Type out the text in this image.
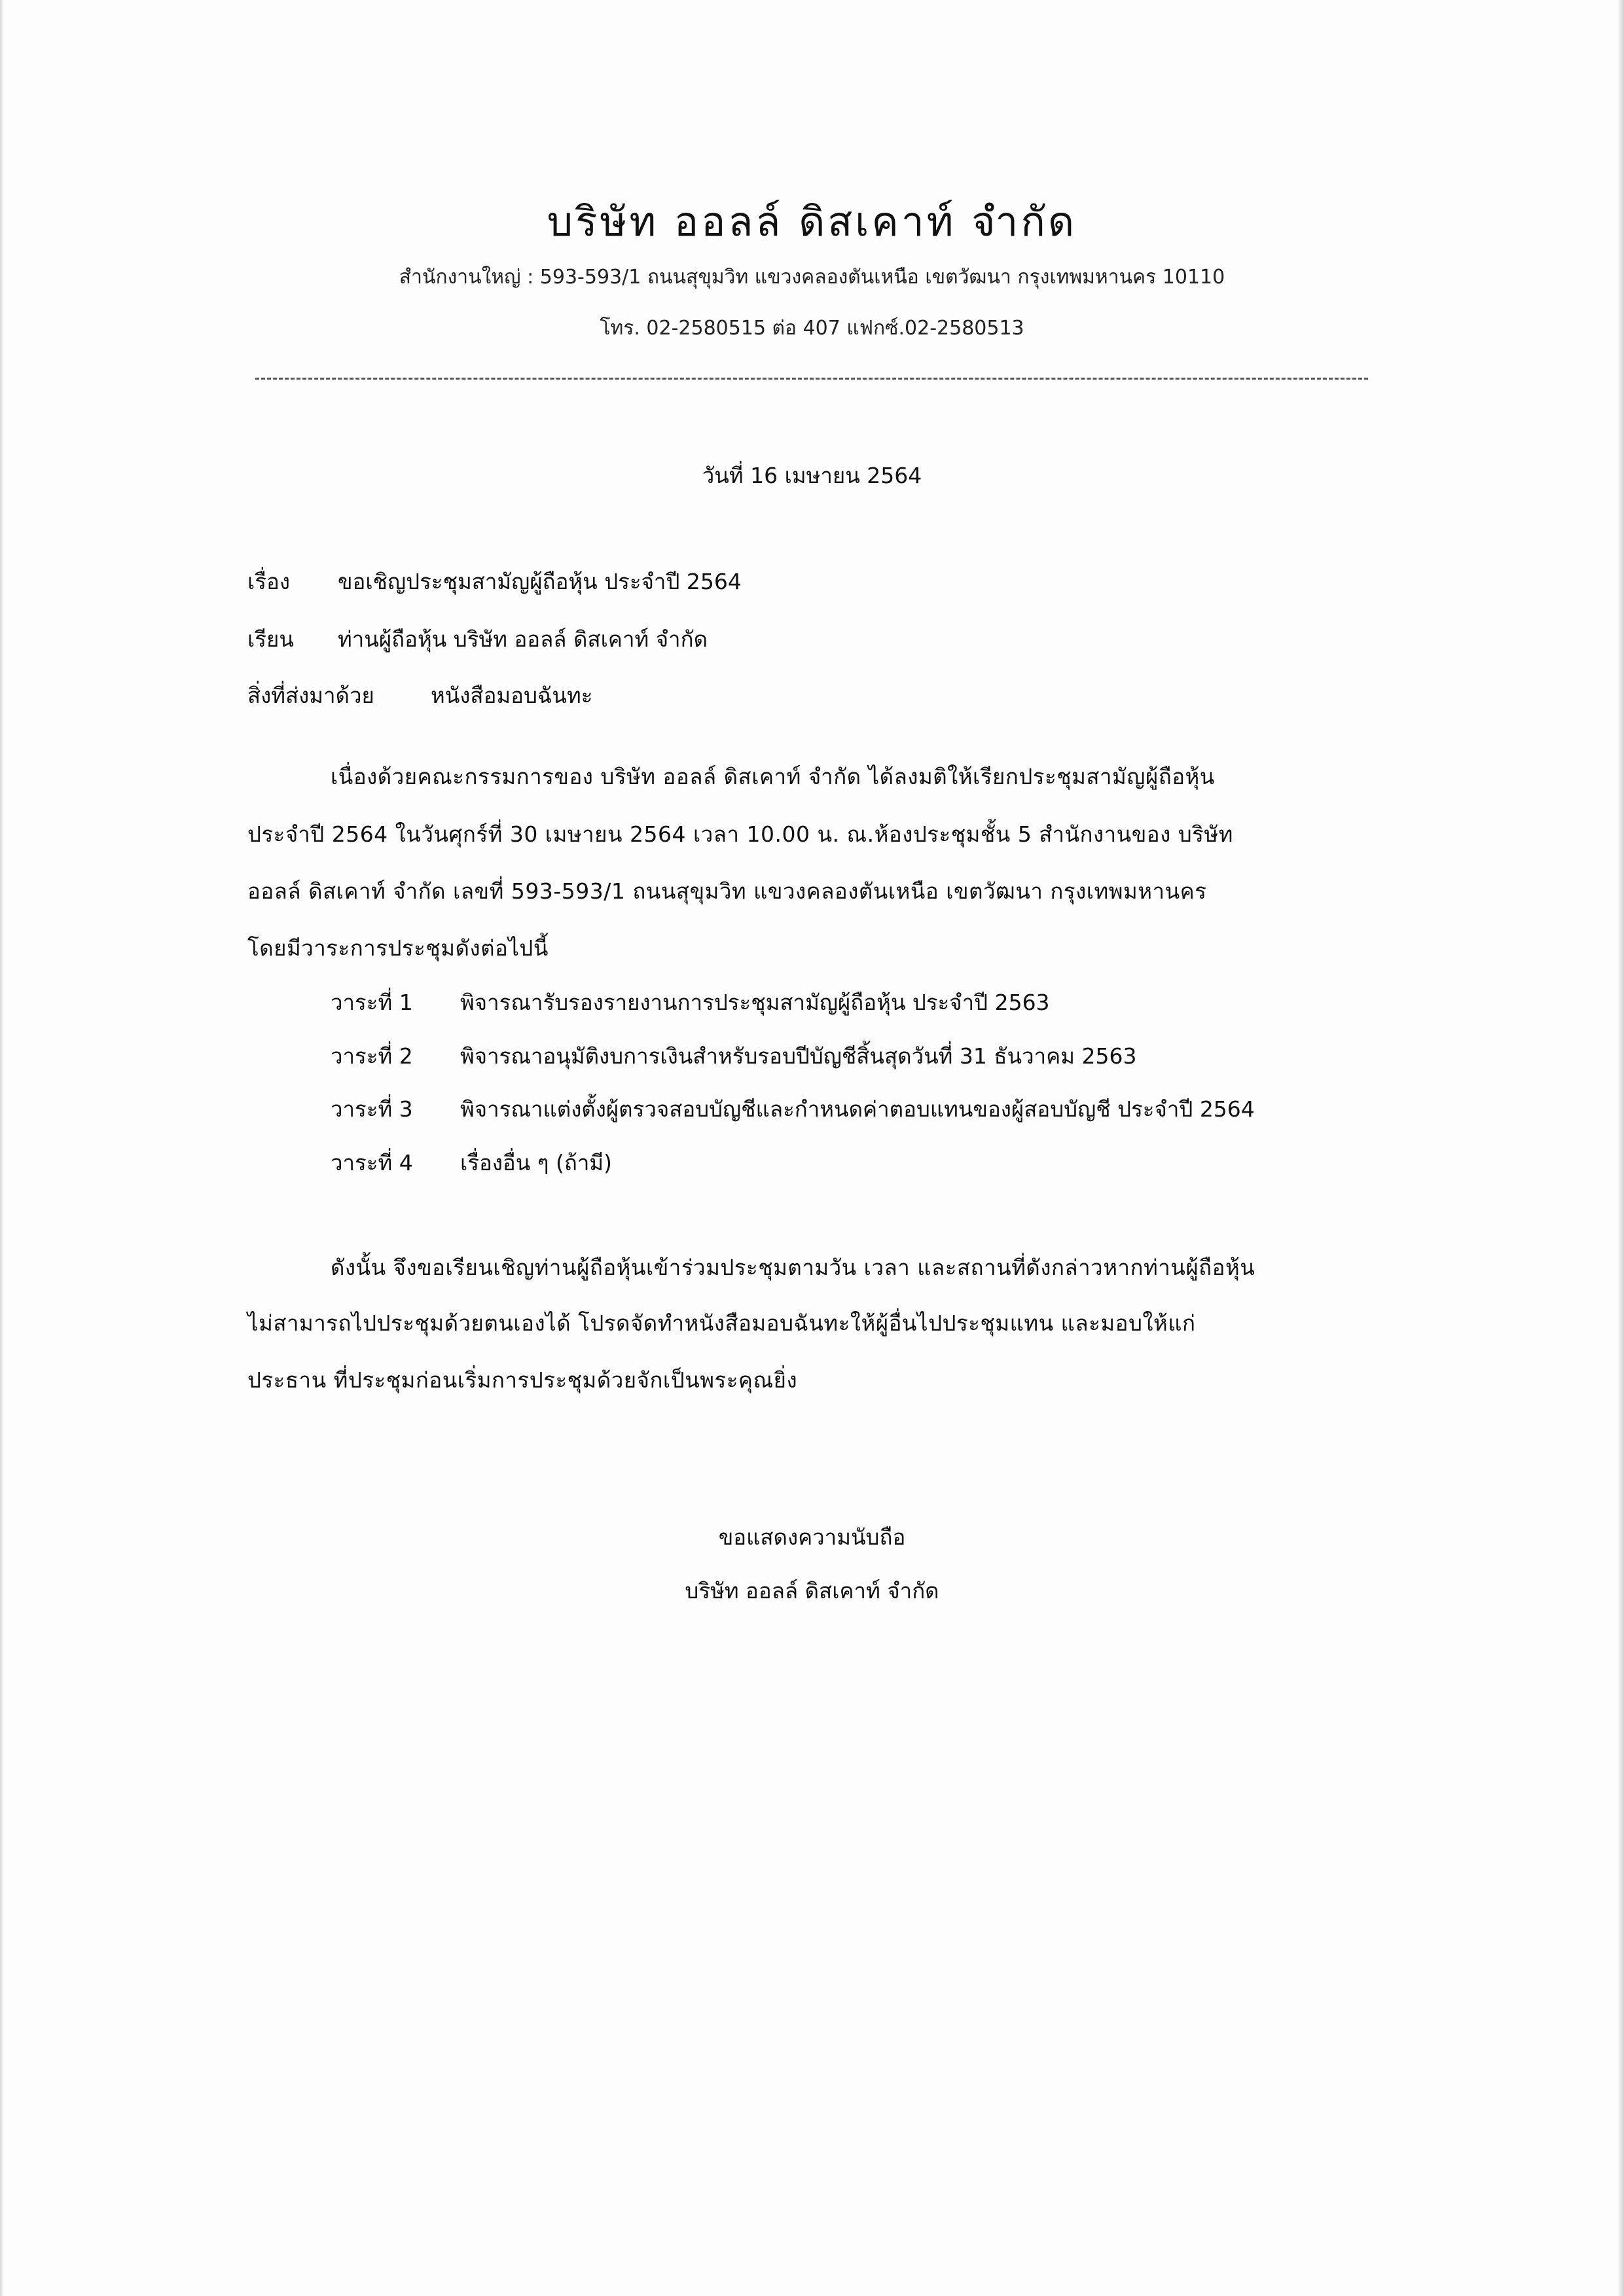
บริษัท ออลล์ ดิสเคาท์ จำกัด
สำนักงานใหญ่ : 593-593/1 ถนนสุขุมวิท แขวงคลองตันเหนือ เขตวัฒนา กรุงเทพมหานคร 10110
โทร. 02-2580515 ต่อ 407 แฟกซ์.02-2580513
วันที่ 16 เมษายน 2564
เรื่อง ขอเชิญประชุมสามัญผู้ถือหุ้น ประจำปี 2564
เรียน ท่านผู้ถือหุ้น บริษัท ออลล์ ดิสเคาท์ จำกัด
สิ่งที่ส่งมาด้วย	หนังสือมอบฉันทะ
เนื่องด้วยคณะกรรมการของ บริษัท ออลล์ ดิสเคาท์ จำกัด ได้ลงมติให้เรียกประชุมสามัญผู้ถือหุ้น
ประจำปี 2564 ในวันศุกร์ที่ 30 เมษายน 2564 เวลา 10.00 น. ณ.ห้องประชุมชั้น 5 สำนักงานของ บริษัท
ออลล์ ดิสเคาท์ จำกัด เลขที่ 593-593/1 ถนนสุขุมวิท แขวงคลองตันเหนือ เขตวัฒนา กรุงเทพมหานคร
โดยมีวาระการประชุมดังต่อไปนี้
วาระที่ 1 พิจารณารับรองรายงานการประชุมสามัญผู้ถือหุ้น ประจำปี 2563
วาระที่ 2 พิจารณาอนุมัติงบการเงินสำหรับรอบปีบัญชีสิ้นสุดวันที่ 31 ธันวาคม 2563
วาระที่ 3 พิจารณาแต่งตั้งผู้ตรวจสอบบัญชีและกำหนดค่าตอบแทนของผู้สอบบัญชี ประจำปี 2564
วาระที่ 4 เรื่องอื่น ๆ (ถ้ามี)
ดังนั้น จึงขอเรียนเชิญท่านผู้ถือหุ้นเข้าร่วมประชุมตามวัน เวลา และสถานที่ดังกล่าวหากท่านผู้ถือหุ้น
ไม่สามารถไปประชุมด้วยตนเองได้ โปรดจัดทำหนังสือมอบฉันทะให้ผู้อื่นไปประชุมแทน และมอบให้แก่
ประธาน ที่ประชุมก่อนเริ่มการประชุมด้วยจักเป็นพระคุณยิ่ง
ขอแสดงความนับถือ
บริษัท ออลล์ ดิสเคาท์ จำกัด
